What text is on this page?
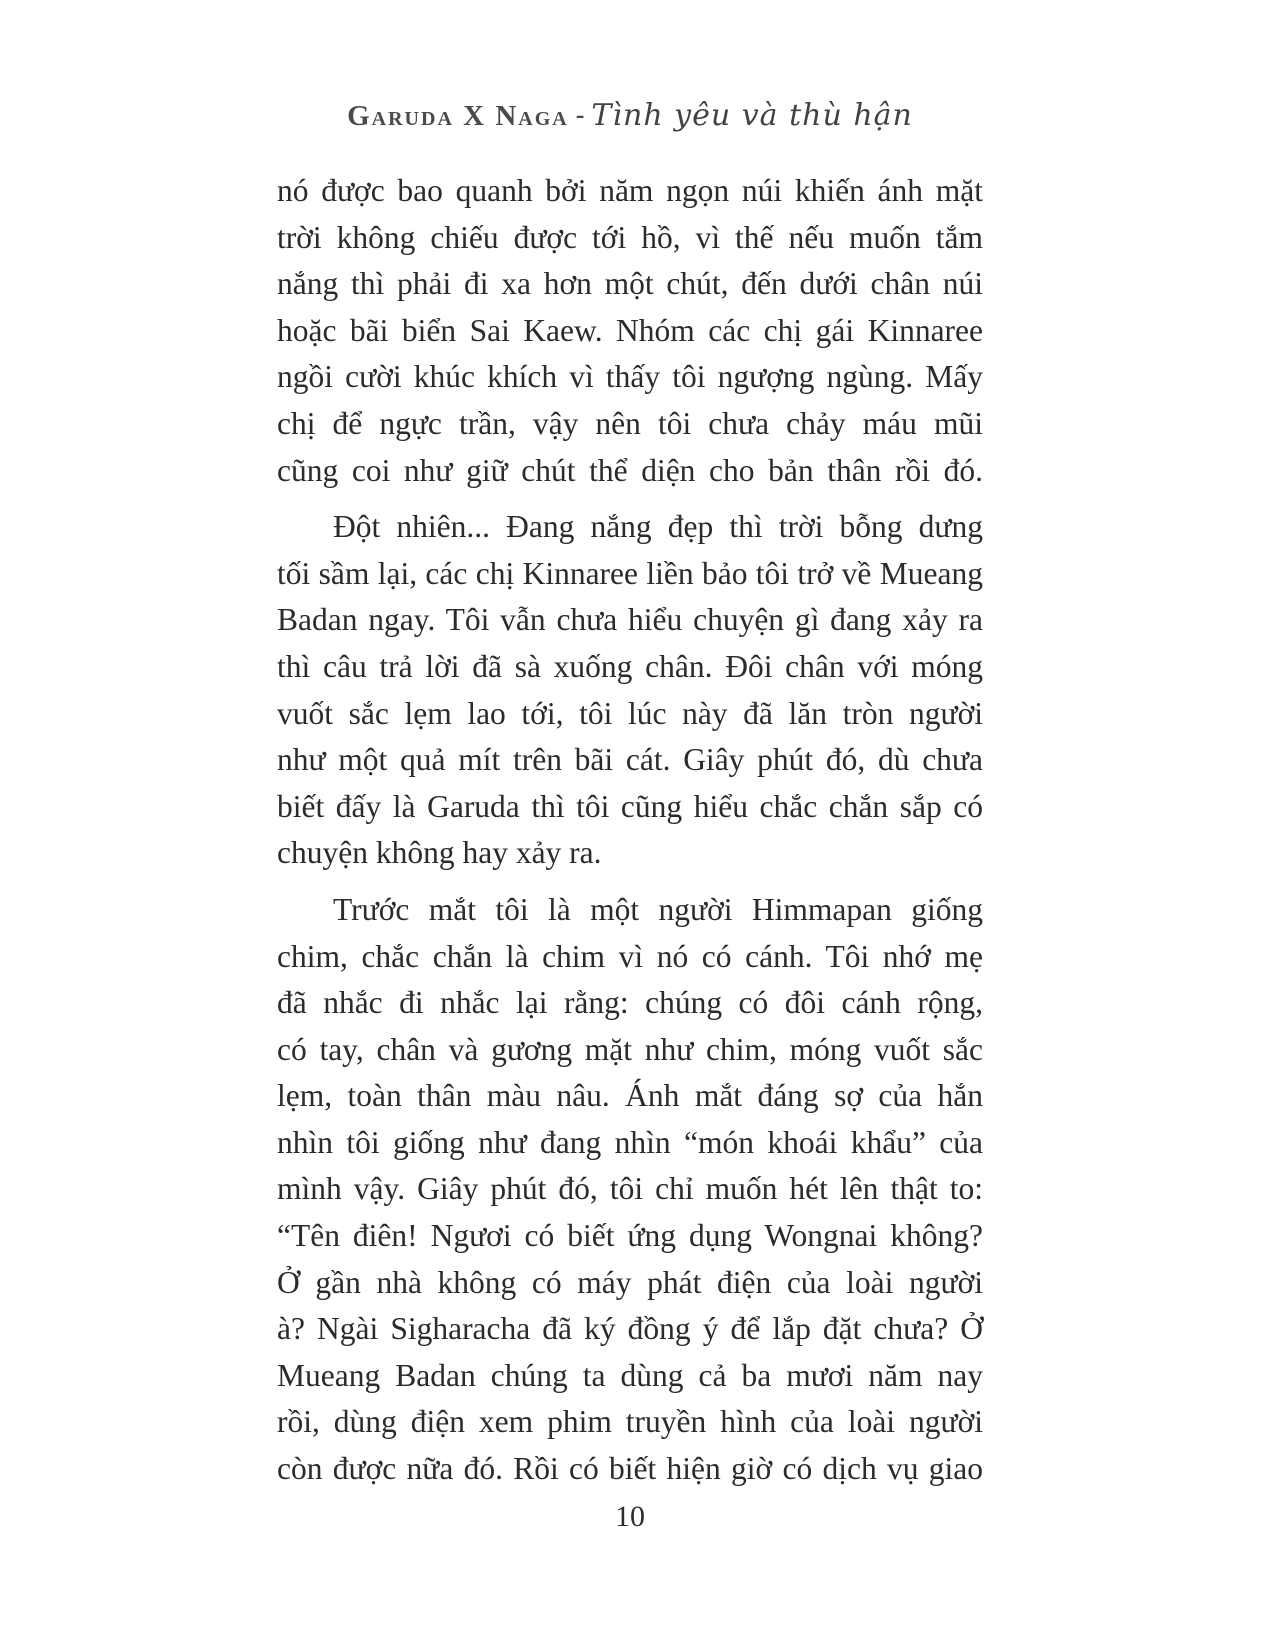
Garuda X Naga - Tình yêu và thù hận

nó được bao quanh bởi năm ngọn núi khiến ánh mặt
trời không chiếu được tới hồ, vì thế nếu muốn tắm
nắng thì phải đi xa hơn một chút, đến dưới chân núi
hoặc bãi biển Sai Kaew. Nhóm các chị gái Kinnaree
ngồi cười khúc khích vì thấy tôi ngượng ngùng. Mấy
chị để ngực trần, vậy nên tôi chưa chảy máu mũi
cũng coi như giữ chút thể diện cho bản thân rồi đó.

Đột nhiên... Đang nắng đẹp thì trời bỗng dưng
tối sầm lại, các chị Kinnaree liền bảo tôi trở về Mueang
Badan ngay. Tôi vẫn chưa hiểu chuyện gì đang xảy ra
thì câu trả lời đã sà xuống chân. Đôi chân với móng
vuốt sắc lẹm lao tới, tôi lúc này đã lăn tròn người
như một quả mít trên bãi cát. Giây phút đó, dù chưa
biết đấy là Garuda thì tôi cũng hiểu chắc chắn sắp có
chuyện không hay xảy ra.

Trước mắt tôi là một người Himmapan giống
chim, chắc chắn là chim vì nó có cánh. Tôi nhớ mẹ
đã nhắc đi nhắc lại rằng: chúng có đôi cánh rộng,
có tay, chân và gương mặt như chim, móng vuốt sắc
lẹm, toàn thân màu nâu. Ánh mắt đáng sợ của hắn
nhìn tôi giống như đang nhìn “món khoái khẩu” của
mình vậy. Giây phút đó, tôi chỉ muốn hét lên thật to:
“Tên điên! Ngươi có biết ứng dụng Wongnai không?
Ở gần nhà không có máy phát điện của loài người
à? Ngài Sigharacha đã ký đồng ý để lắp đặt chưa? Ở
Mueang Badan chúng ta dùng cả ba mươi năm nay
rồi, dùng điện xem phim truyền hình của loài người
còn được nữa đó. Rồi có biết hiện giờ có dịch vụ giao

10
